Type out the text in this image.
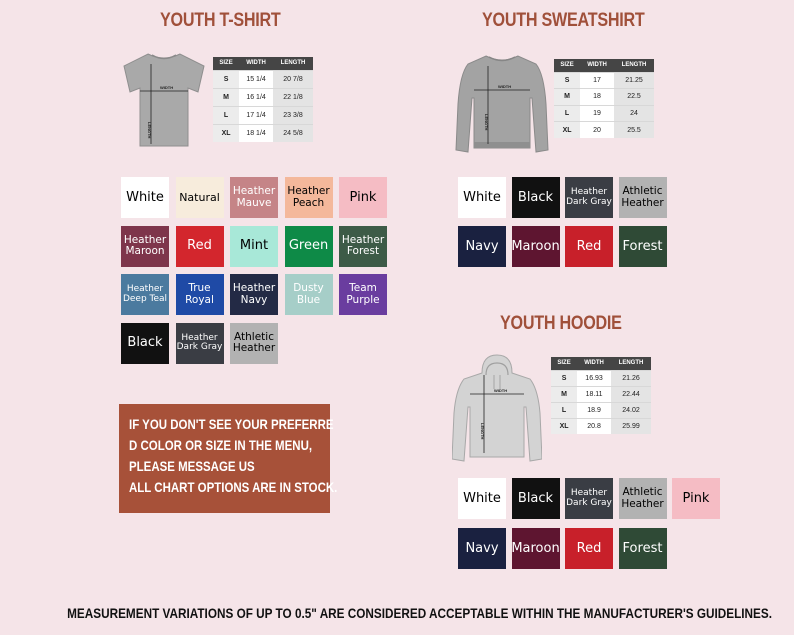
YOUTH T-SHIRT	YOUTH SWEATSHIRT
YOUTH HOODIE
WIDTH
LENGTH
WIDTH
LENGTH
WIDTH
LENGTH
SIZE	WIDTH	LENGTH
S	15 1/4	20 7/8
M	16 1/4	22 1/8
L	17 1/4	23 3/8
XL	18 1/4	24 5/8
SIZE	WIDTH	LENGTH
S	17	21.25
M	18	22.5
L	19	24
XL	20	25.5
SIZE	WIDTH	LENGTH
S	16.93	21.26
M	18.11	22.44
L	18.9	24.02
XL	20.8	25.99
White Natural Heather Mauve
Heather Peach	Pink
Heather Maroon Red Mint Green Heather Forest
Heather Deep Teal
True Royal
Heather Navy
Dusty Blue
Team Purple
Black	Heather Dark Gray
Athletic Heather
White Black	Heather Dark Gray
Athletic Heather
Navy Maroon Red Forest
White Black	Heather Dark Gray
Athletic Heather Pink
Navy Maroon Red Forest
IF YOU DON'T SEE YOUR PREFERRE
D COLOR OR SIZE IN THE MENU,
PLEASE MESSAGE US
ALL CHART OPTIONS ARE IN STOCK.
MEASUREMENT VARIATIONS OF UP TO 0.5" ARE CONSIDERED ACCEPTABLE WITHIN THE MANUFACTURER'S GUIDELINES.
